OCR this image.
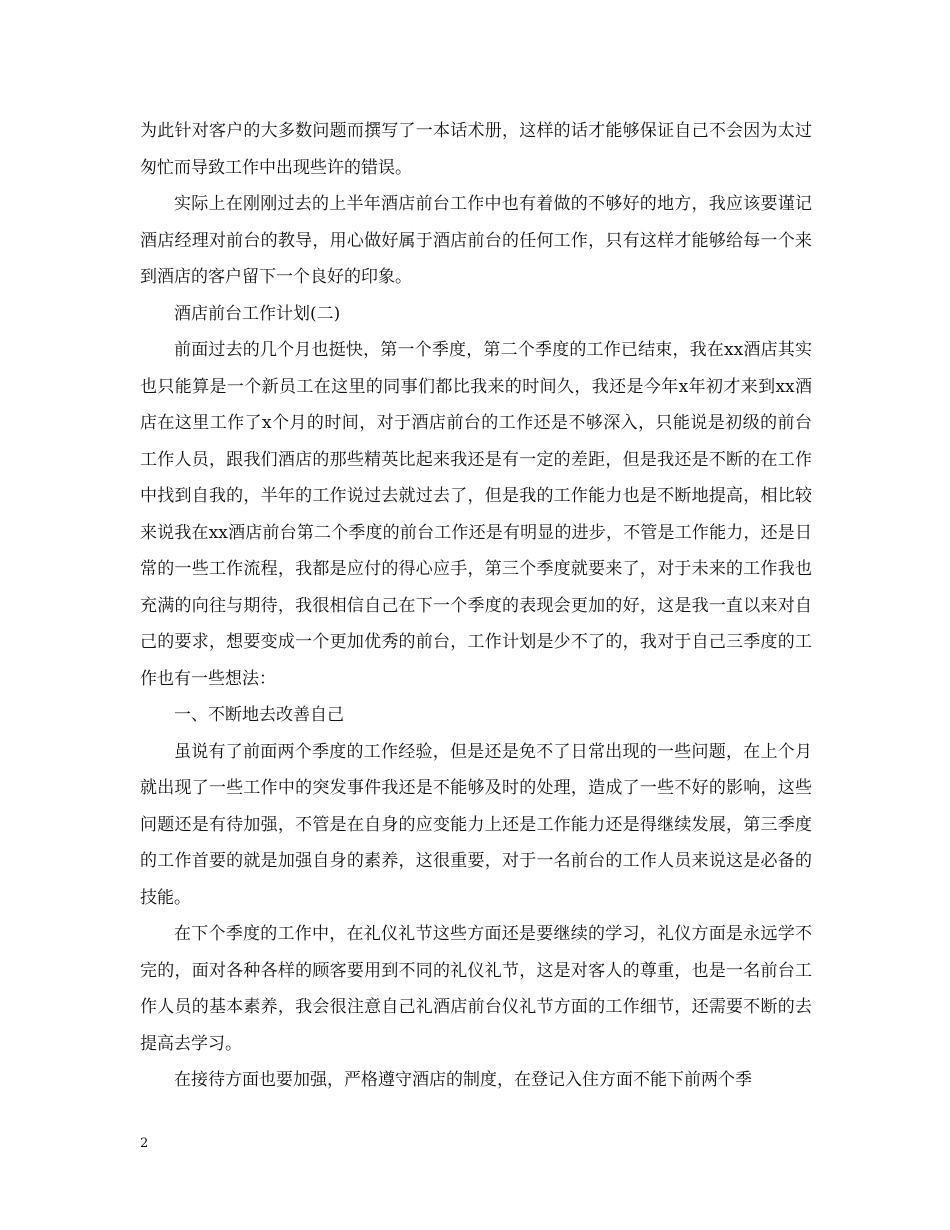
为此针对客户的大多数问题而撰写了一本话术册，这样的话才能够保证自己不会因为太过匆忙而导致工作中出现些许的错误。

实际上在刚刚过去的上半年酒店前台工作中也有着做的不够好的地方，我应该要谨记酒店经理对前台的教导，用心做好属于酒店前台的任何工作，只有这样才能够给每一个来到酒店的客户留下一个良好的印象。

酒店前台工作计划(二)

前面过去的几个月也挺快，第一个季度，第二个季度的工作已结束，我在xx酒店其实也只能算是一个新员工在这里的同事们都比我来的时间久，我还是今年x年初才来到xx酒店在这里工作了x个月的时间，对于酒店前台的工作还是不够深入，只能说是初级的前台工作人员，跟我们酒店的那些精英比起来我还是有一定的差距，但是我还是不断的在工作中找到自我的，半年的工作说过去就过去了，但是我的工作能力也是不断地提高，相比较来说我在xx酒店前台第二个季度的前台工作还是有明显的进步，不管是工作能力，还是日常的一些工作流程，我都是应付的得心应手，第三个季度就要来了，对于未来的工作我也充满的向往与期待，我很相信自己在下一个季度的表现会更加的好，这是我一直以来对自己的要求，想要变成一个更加优秀的前台，工作计划是少不了的，我对于自己三季度的工作也有一些想法：

一、不断地去改善自己

虽说有了前面两个季度的工作经验，但是还是免不了日常出现的一些问题，在上个月就出现了一些工作中的突发事件我还是不能够及时的处理，造成了一些不好的影响，这些问题还是有待加强，不管是在自身的应变能力上还是工作能力还是得继续发展，第三季度的工作首要的就是加强自身的素养，这很重要，对于一名前台的工作人员来说这是必备的技能。

在下个季度的工作中，在礼仪礼节这些方面还是要继续的学习，礼仪方面是永远学不完的，面对各种各样的顾客要用到不同的礼仪礼节，这是对客人的尊重，也是一名前台工作人员的基本素养，我会很注意自己礼酒店前台仪礼节方面的工作细节，还需要不断的去提高去学习。

在接待方面也要加强，严格遵守酒店的制度，在登记入住方面不能下前两个季

2
